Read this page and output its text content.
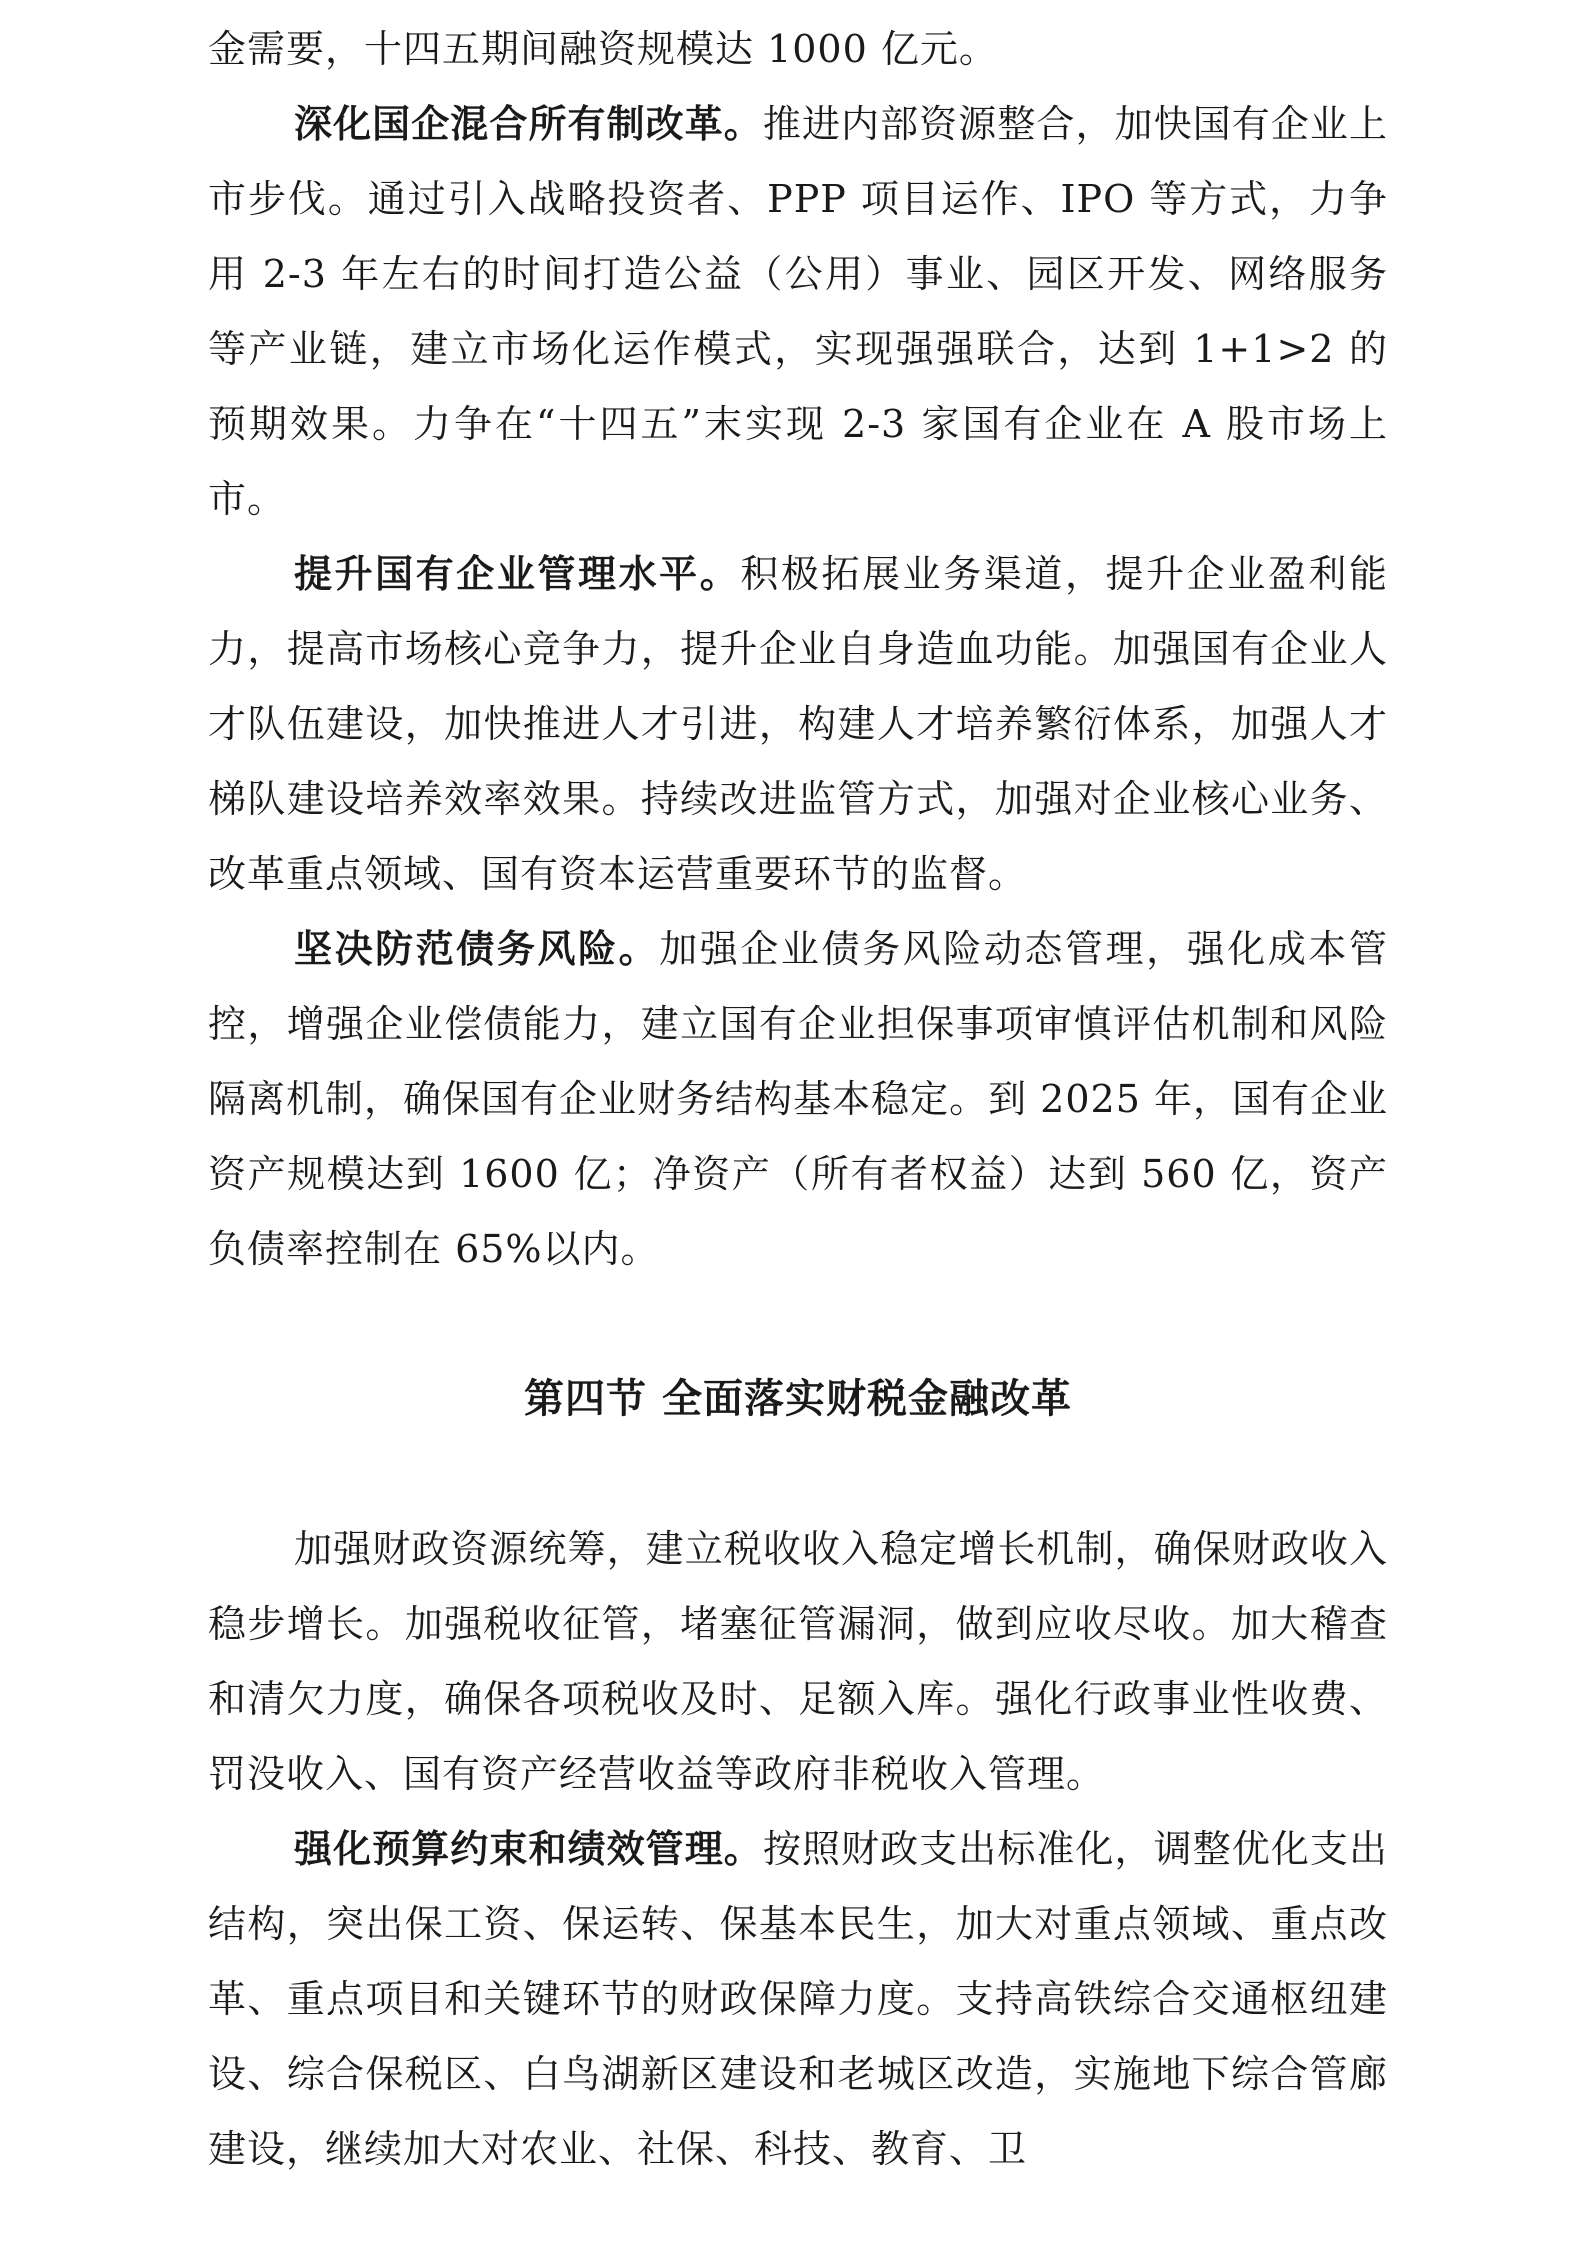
金需要，十四五期间融资规模达 1000 亿元。

深化国企混合所有制改革。推进内部资源整合，加快国有企业上市步伐。通过引入战略投资者、PPP 项目运作、IPO 等方式，力争用 2-3 年左右的时间打造公益（公用）事业、园区开发、网络服务等产业链，建立市场化运作模式，实现强强联合，达到 1+1>2 的预期效果。力争在“十四五”末实现 2-3 家国有企业在 A 股市场上市。

提升国有企业管理水平。积极拓展业务渠道，提升企业盈利能力，提高市场核心竞争力，提升企业自身造血功能。加强国有企业人才队伍建设，加快推进人才引进，构建人才培养繁衍体系，加强人才梯队建设培养效率效果。持续改进监管方式，加强对企业核心业务、改革重点领域、国有资本运营重要环节的监督。

坚决防范债务风险。加强企业债务风险动态管理，强化成本管控，增强企业偿债能力，建立国有企业担保事项审慎评估机制和风险隔离机制，确保国有企业财务结构基本稳定。到 2025 年，国有企业资产规模达到 1600 亿；净资产（所有者权益）达到 560 亿，资产负债率控制在 65%以内。

第四节 全面落实财税金融改革

加强财政资源统筹，建立税收收入稳定增长机制，确保财政收入稳步增长。加强税收征管，堵塞征管漏洞，做到应收尽收。加大稽查和清欠力度，确保各项税收及时、足额入库。强化行政事业性收费、罚没收入、国有资产经营收益等政府非税收入管理。

强化预算约束和绩效管理。按照财政支出标准化，调整优化支出结构，突出保工资、保运转、保基本民生，加大对重点领域、重点改革、重点项目和关键环节的财政保障力度。支持高铁综合交通枢纽建设、综合保税区、白鸟湖新区建设和老城区改造，实施地下综合管廊建设，继续加大对农业、社保、科技、教育、卫
